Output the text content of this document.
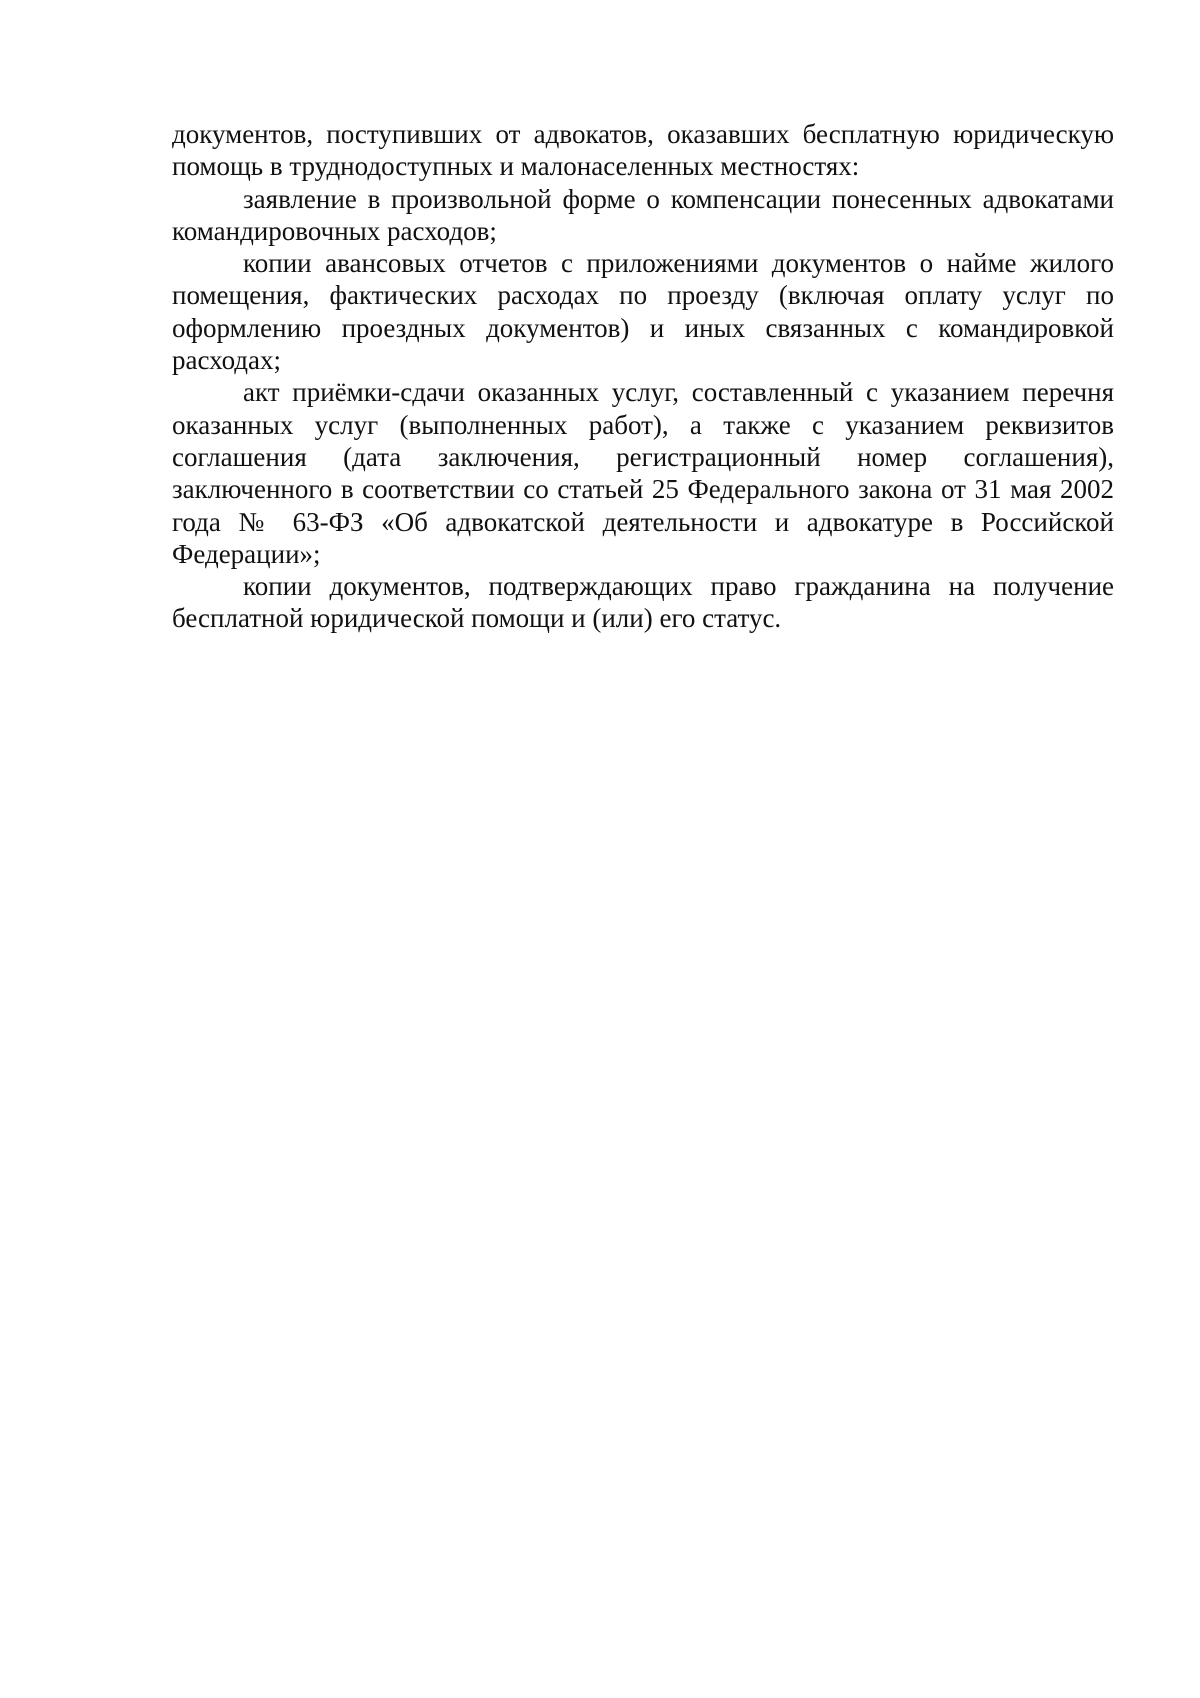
документов, поступивших от адвокатов, оказавших бесплатную юридическую помощь в труднодоступных и малонаселенных местностях:

заявление в произвольной форме о компенсации понесенных адвокатами командировочных расходов;

копии авансовых отчетов с приложениями документов о найме жилого помещения, фактических расходах по проезду (включая оплату услуг по оформлению проездных документов) и иных связанных с командировкой расходах;

акт приёмки-сдачи оказанных услуг, составленный с указанием перечня оказанных услуг (выполненных работ), а также с указанием реквизитов соглашения (дата заключения, регистрационный номер соглашения), заключенного в соответствии со статьей 25 Федерального закона от 31 мая 2002 года № 63-ФЗ «Об адвокатской деятельности и адвокатуре в Российской Федерации»;

копии документов, подтверждающих право гражданина на получение бесплатной юридической помощи и (или) его статус.
